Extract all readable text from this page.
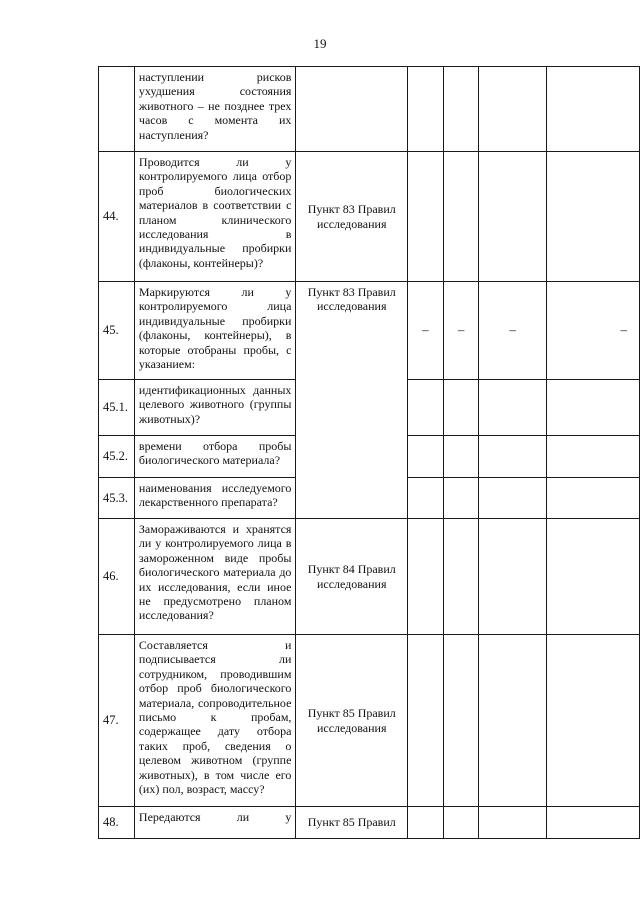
19
	наступлении рисков ухудшения состояния животного – не позднее трех часов с момента их наступления?					
44.	Проводится ли у контролируемого лица отбор проб биологических материалов в соответствии с планом клинического исследования в индивидуальные пробирки (флаконы, контейнеры)?	Пункт 83 Правил исследования				
45.	Маркируются ли у контролируемого лица индивидуальные пробирки (флаконы, контейнеры), в которые отобраны пробы, с указанием:	Пункт 83 Правил исследования	–	–	–	–
45.1.	идентификационных данных целевого животного (группы животных)?					
45.2.	времени отбора пробы биологического материала?					
45.3.	наименования исследуемого лекарственного препарата?					
46.	Замораживаются и хранятся ли у контролируемого лица в замороженном виде пробы биологического материала до их исследования, если иное не предусмотрено планом исследования?	Пункт 84 Правил исследования				
47.	Составляется и подписывается ли сотрудником, проводившим отбор проб биологического материала, сопроводительное письмо к пробам, содержащее дату отбора таких проб, сведения о целевом животном (группе животных), в том числе его (их) пол, возраст, массу?	Пункт 85 Правил исследования				
48.	Передаются ли у	Пункт 85 Правил				
